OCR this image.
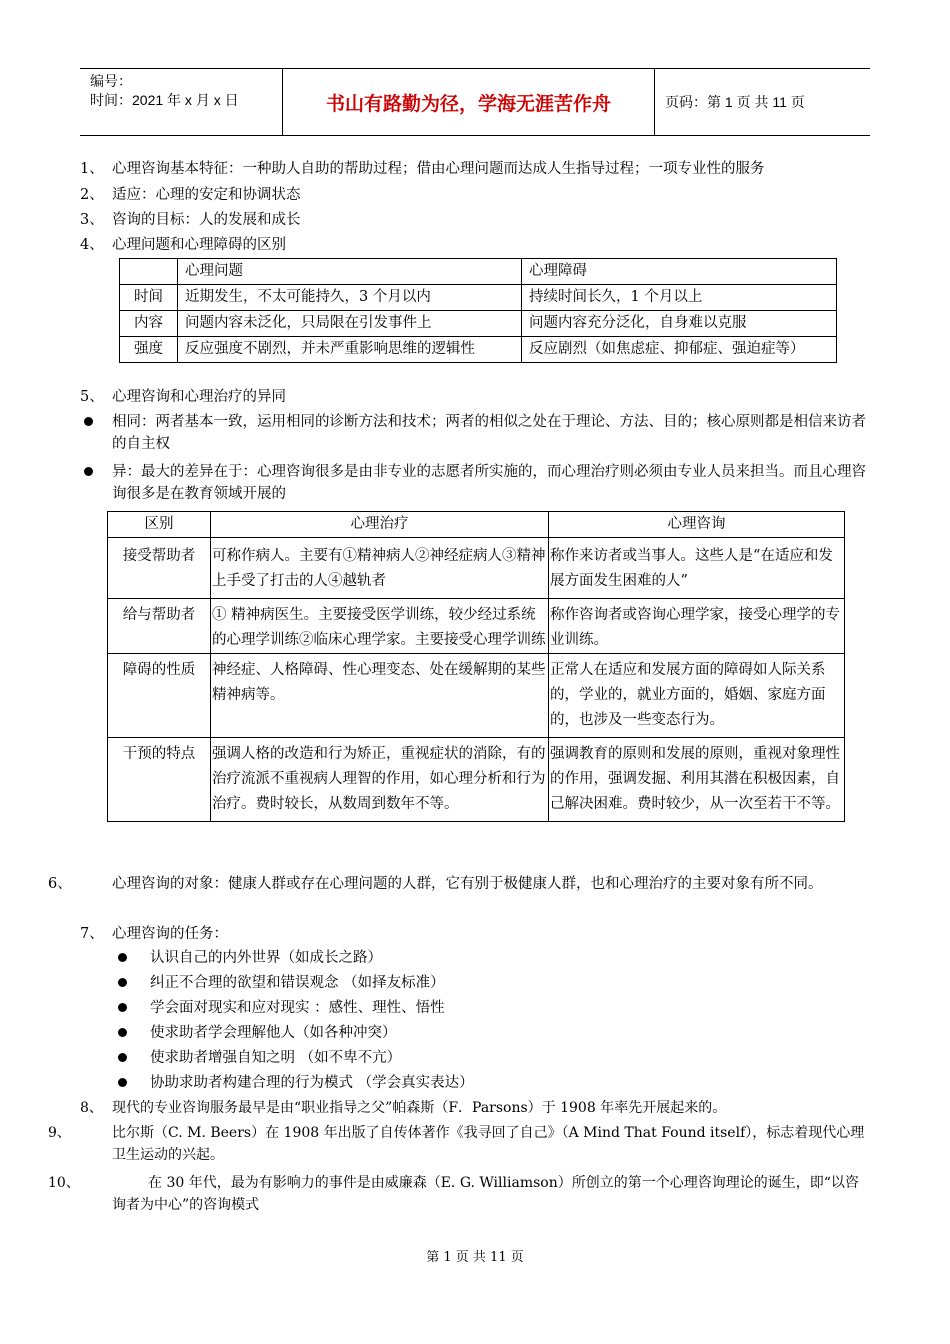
编号：
时间：2021 年 x 月 x 日	书山有路勤为径，学海无涯苦作舟	页码：第 1 页 共 11 页
1、 心理咨询基本特征：一种助人自助的帮助过程；借由心理问题而达成人生指导过程；一项专业性的服务
2、 适应：心理的安定和协调状态
3、 咨询的目标：人的发展和成长
4、 心理问题和心理障碍的区别
	心理问题	心理障碍
时间	近期发生，不太可能持久，3 个月以内	持续时间长久，1 个月以上
内容	问题内容未泛化，只局限在引发事件上	问题内容充分泛化，自身难以克服
强度	反应强度不剧烈，并未严重影响思维的逻辑性	反应剧烈（如焦虑症、抑郁症、强迫症等）
5、 心理咨询和心理治疗的异同
相同：两者基本一致，运用相同的诊断方法和技术；两者的相似之处在于理论、方法、目的；核心原则都是相信来访者的自主权
异：最大的差异在于：心理咨询很多是由非专业的志愿者所实施的，而心理治疗则必须由专业人员来担当。而且心理咨询很多是在教育领域开展的
区别	心理治疗	心理咨询
接受帮助者	可称作病人。主要有①精神病人②神经症病人③精神上手受了打击的人④越轨者	称作来访者或当事人。这些人是“在适应和发展方面发生困难的人”
给与帮助者	① 精神病医生。主要接受医学训练，较少经过系统的心理学训练②临床心理学家。主要接受心理学训练	称作咨询者或咨询心理学家，接受心理学的专业训练。
障碍的性质	神经症、人格障碍、性心理变态、处在缓解期的某些精神病等。	正常人在适应和发展方面的障碍如人际关系的，学业的，就业方面的，婚姻、家庭方面的，也涉及一些变态行为。
干预的特点	强调人格的改造和行为矫正，重视症状的消除，有的治疗流派不重视病人理智的作用，如心理分析和行为治疗。费时较长，从数周到数年不等。	强调教育的原则和发展的原则，重视对象理性的作用，强调发掘、利用其潜在积极因素，自己解决困难。费时较少，从一次至若干不等。
6、	心理咨询的对象：健康人群或存在心理问题的人群，它有别于极健康人群，也和心理治疗的主要对象有所不同。
7、 心理咨询的任务：
认识自己的内外世界（如成长之路）
纠正不合理的欲望和错误观念 （如择友标准）
学会面对现实和应对现实 ：感性、理性、悟性
使求助者学会理解他人（如各种冲突）
使求助者增强自知之明 （如不卑不亢）
协助求助者构建合理的行为模式 （学会真实表达）
8、 现代的专业咨询服务最早是由“职业指导之父”帕森斯（F．Parsons）于 1908 年率先开展起来的。
9、	比尔斯（C. M. Beers）在 1908 年出版了自传体著作《我寻回了自己》（A Mind That Found itself），标志着现代心理卫生运动的兴起。
10、	在 30 年代，最为有影响力的事件是由威廉森（E. G. Williamson）所创立的第一个心理咨询理论的诞生，即“以咨询者为中心”的咨询模式
第 1 页 共 11 页
